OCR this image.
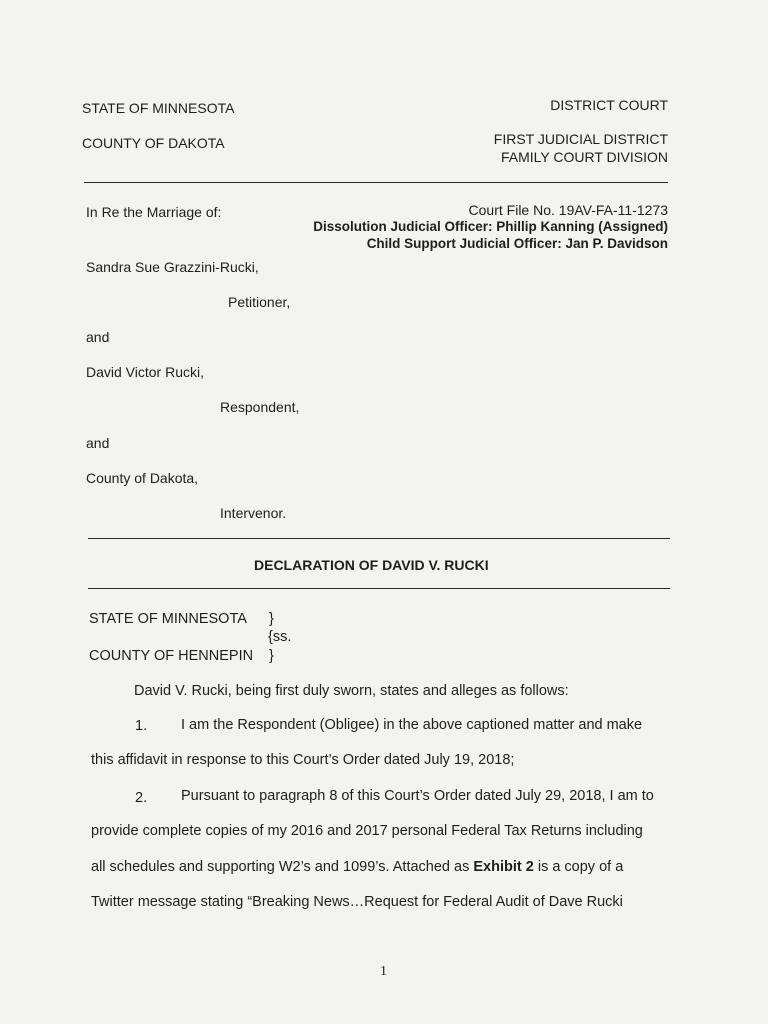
STATE OF MINNESOTA
COUNTY OF DAKOTA
DISTRICT COURT
FIRST JUDICIAL DISTRICT
FAMILY COURT DIVISION
In Re the Marriage of:	Court File No. 19AV-FA-11-1273
Dissolution Judicial Officer: Phillip Kanning (Assigned)
Child Support Judicial Officer: Jan P. Davidson
Sandra Sue Grazzini-Rucki,
Petitioner,
and
David Victor Rucki,
Respondent,
and
County of Dakota,
Intervenor.
DECLARATION OF DAVID V. RUCKI
STATE OF MINNESOTA }
{ss.
COUNTY OF HENNEPIN }
David V. Rucki, being first duly sworn, states and alleges as follows:
1. I am the Respondent (Obligee) in the above captioned matter and make
this affidavit in response to this Court’s Order dated July 19, 2018;
2. Pursuant to paragraph 8 of this Court’s Order dated July 29, 2018, I am to
provide complete copies of my 2016 and 2017 personal Federal Tax Returns including
all schedules and supporting W2’s and 1099’s. Attached as Exhibit 2 is a copy of a
Twitter message stating “Breaking News…Request for Federal Audit of Dave Rucki
1
